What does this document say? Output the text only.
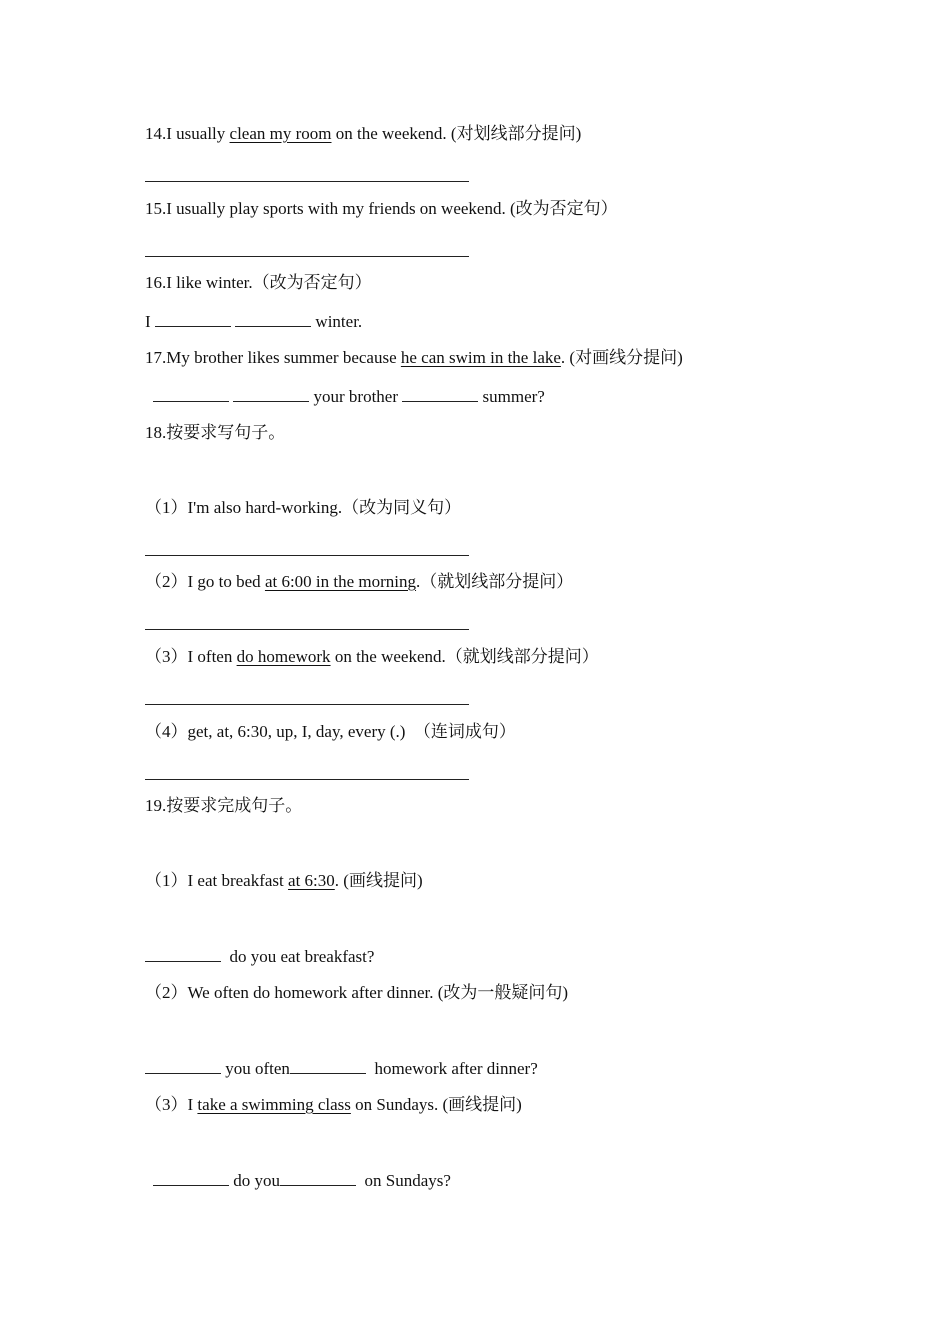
14.I usually clean my room on the weekend. (对划线部分提问)
15.I usually play sports with my friends on weekend. (改为否定句）
16.I like winter.（改为否定句）
I	winter.
17.My brother likes summer because he can swim in the lake. (对画线分提问)
your brother	summer?
18.按要求写句子。
（1）I'm also hard-working.（改为同义句）
（2）I go to bed at 6:00 in the morning.（就划线部分提问）
（3）I often do homework on the weekend.（就划线部分提问）
（4）get, at, 6:30, up, I, day, every (.)  （连词成句）
19.按要求完成句子。
（1）I eat breakfast at 6:30. (画线提问)
do you eat breakfast?
（2）We often do homework after dinner. (改为一般疑问句)
you often	homework after dinner?
（3）I take a swimming class on Sundays. (画线提问)
do you	on Sundays?
